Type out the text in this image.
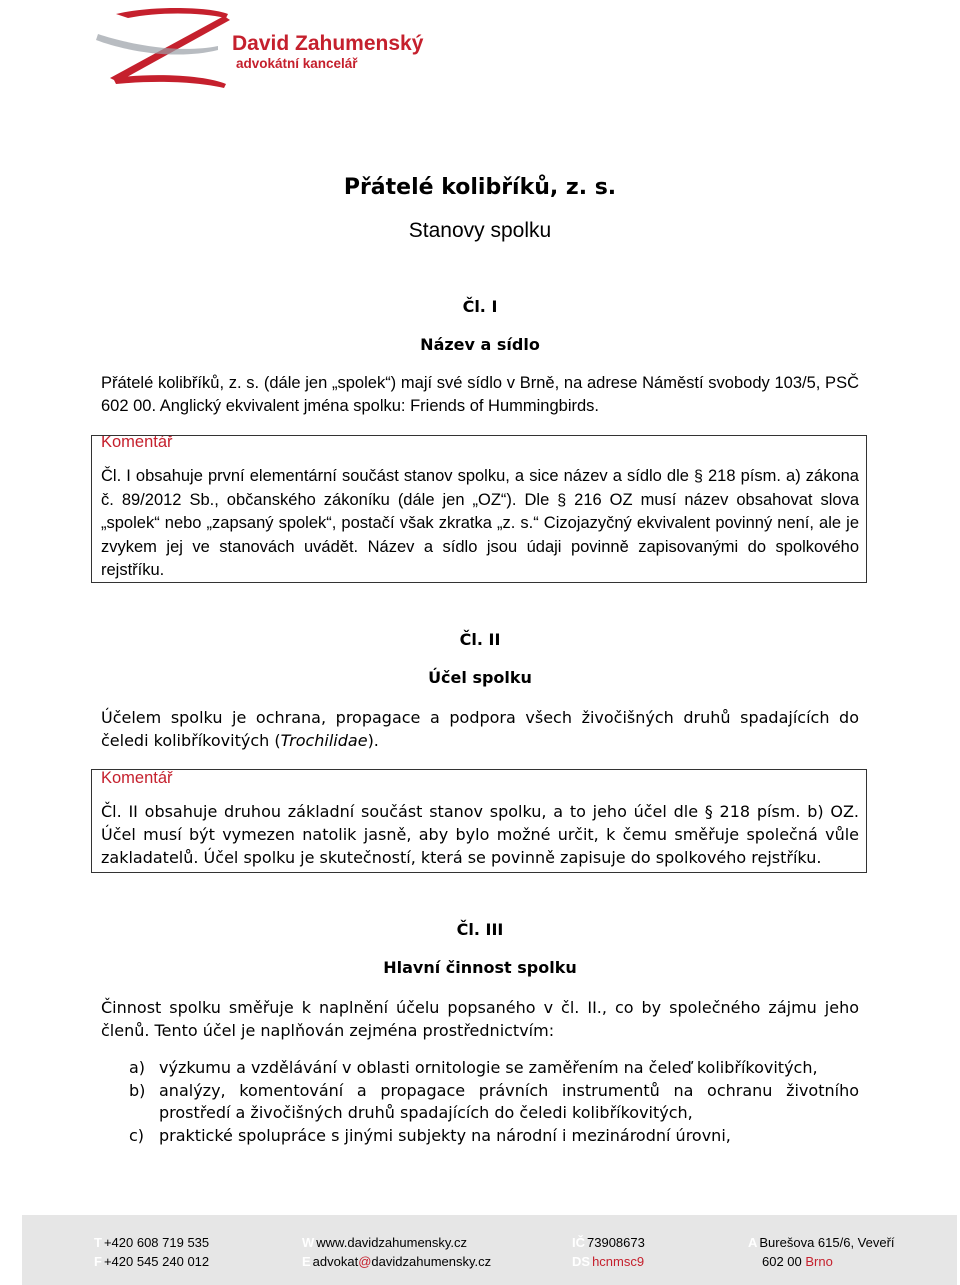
David Zahumenský
advokátní kancelář
Přátelé kolibříků, z. s.
Stanovy spolku
Čl. I
Název a sídlo
Přátelé kolibříků, z. s. (dále jen „spolek“) mají své sídlo v Brně, na adrese Náměstí svobody 103/5, PSČ 602 00. Anglický ekvivalent jména spolku: Friends of Hummingbirds.
Komentář
Čl. I obsahuje první elementární součást stanov spolku, a sice název a sídlo dle § 218 písm. a) zákona č. 89/2012 Sb., občanského zákoníku (dále jen „OZ“). Dle § 216 OZ musí název obsahovat slova „spolek“ nebo „zapsaný spolek“, postačí však zkratka „z. s.“ Cizojazyčný ekvivalent povinný není, ale je zvykem jej ve stanovách uvádět. Název a sídlo jsou údaji povinně zapisovanými do spolkového rejstříku.
Čl. II
Účel spolku
Účelem spolku je ochrana, propagace a podpora všech živočišných druhů spadajících do čeledi kolibříkovitých (Trochilidae).
Komentář
Čl. II obsahuje druhou základní součást stanov spolku, a to jeho účel dle § 218 písm. b) OZ. Účel musí být vymezen natolik jasně, aby bylo možné určit, k čemu směřuje společná vůle zakladatelů. Účel spolku je skutečností, která se povinně zapisuje do spolkového rejstříku.
Čl. III
Hlavní činnost spolku
Činnost spolku směřuje k naplnění účelu popsaného v čl. II., co by společného zájmu jeho členů. Tento účel je naplňován zejména prostřednictvím:
a) výzkumu a vzdělávání v oblasti ornitologie se zaměřením na čeleď kolibříkovitých,
b) analýzy, komentování a propagace právních instrumentů na ochranu životního prostředí a živočišných druhů spadajících do čeledi kolibříkovitých,
c) praktické spolupráce s jinými subjekty na národní i mezinárodní úrovni,
T +420 608 719 535
F +420 545 240 012
W www.davidzahumensky.cz
E advokat@davidzahumensky.cz
IČ 73908673
DS hcnmsc9
A Burešova 615/6, Veveří
602 00 Brno
